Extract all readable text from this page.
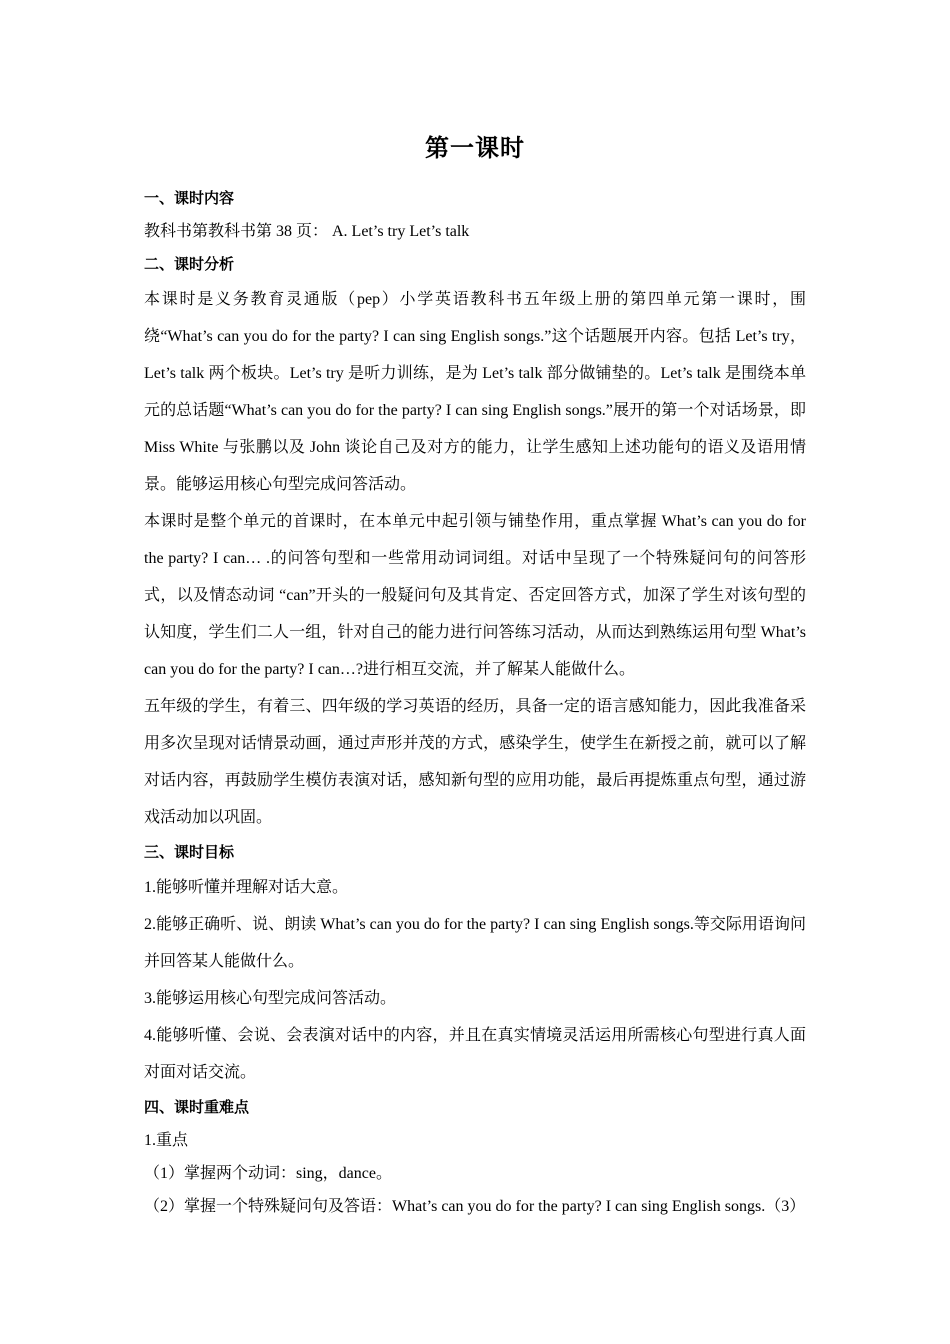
第一课时
一、课时内容
教科书第教科书第 38 页： A. Let’s try Let’s talk
二、课时分析

本课时是义务教育灵通版（pep）小学英语教科书五年级上册的第四单元第一课时，围绕“What’s can you do for the party? I can sing English songs.”这个话题展开内容。包括 Let’s try，Let’s talk 两个板块。Let’s try 是听力训练，是为 Let’s talk 部分做铺垫的。Let’s talk 是围绕本单元的总话题“What’s can you do for the party? I can sing English songs.”展开的第一个对话场景，即 Miss White 与张鹏以及 John 谈论自己及对方的能力，让学生感知上述功能句的语义及语用情景。能够运用核心句型完成问答活动。

本课时是整个单元的首课时，在本单元中起引领与铺垫作用，重点掌握 What’s can you do for the party? I can… .的问答句型和一些常用动词词组。对话中呈现了一个特殊疑问句的问答形式，以及情态动词 “can”开头的一般疑问句及其肯定、否定回答方式，加深了学生对该句型的认知度，学生们二人一组，针对自己的能力进行问答练习活动，从而达到熟练运用句型 What’s can you do for the party? I can…?进行相互交流，并了解某人能做什么。

五年级的学生，有着三、四年级的学习英语的经历，具备一定的语言感知能力，因此我准备采用多次呈现对话情景动画，通过声形并茂的方式，感染学生，使学生在新授之前，就可以了解对话内容，再鼓励学生模仿表演对话，感知新句型的应用功能，最后再提炼重点句型，通过游戏活动加以巩固。

三、课时目标

1.能够听懂并理解对话大意。

2.能够正确听、说、朗读 What’s can you do for the party? I can sing English songs.等交际用语询问并回答某人能做什么。

3.能够运用核心句型完成问答活动。

4.能够听懂、会说、会表演对话中的内容，并且在真实情境灵活运用所需核心句型进行真人面对面对话交流。

四、课时重难点
1.重点
（1）掌握两个动词：sing，dance。
（2）掌握一个特殊疑问句及答语：What’s can you do for the party? I can sing English songs.（3）
